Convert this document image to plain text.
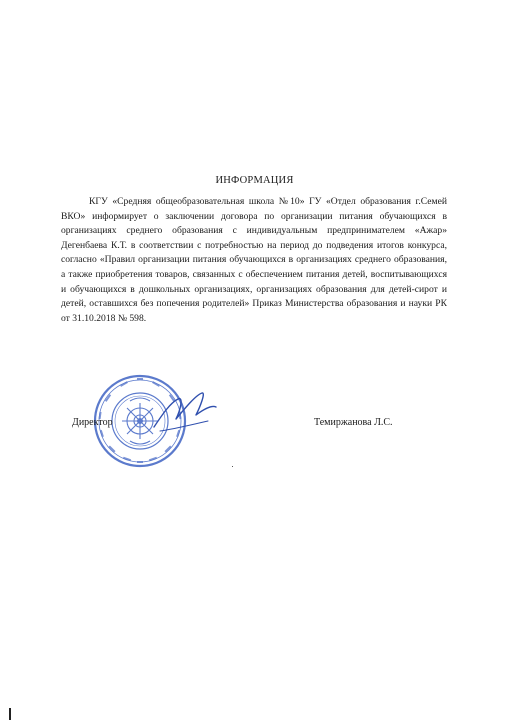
ИНФОРМАЦИЯ

КГУ «Средняя общеобразовательная школа №10» ГУ «Отдел образования г.Семей ВКО» информирует о заключении договора по организации питания обучающихся в организациях среднего образования с индивидуальным предпринимателем «Ажар» Дегенбаева К.Т. в соответствии с потребностью на период до подведения итогов конкурса, согласно «Правил организации питания обучающихся в организациях среднего образования, а также приобретения товаров, связанных с обеспечением питания детей, воспитывающихся и обучающихся в дошкольных организациях, организациях образования для детей-сирот и детей, оставшихся без попечения родителей» Приказ Министерства образования и науки РК от 31.10.2018 № 598.

Директор	Темиржанова Л.С.
